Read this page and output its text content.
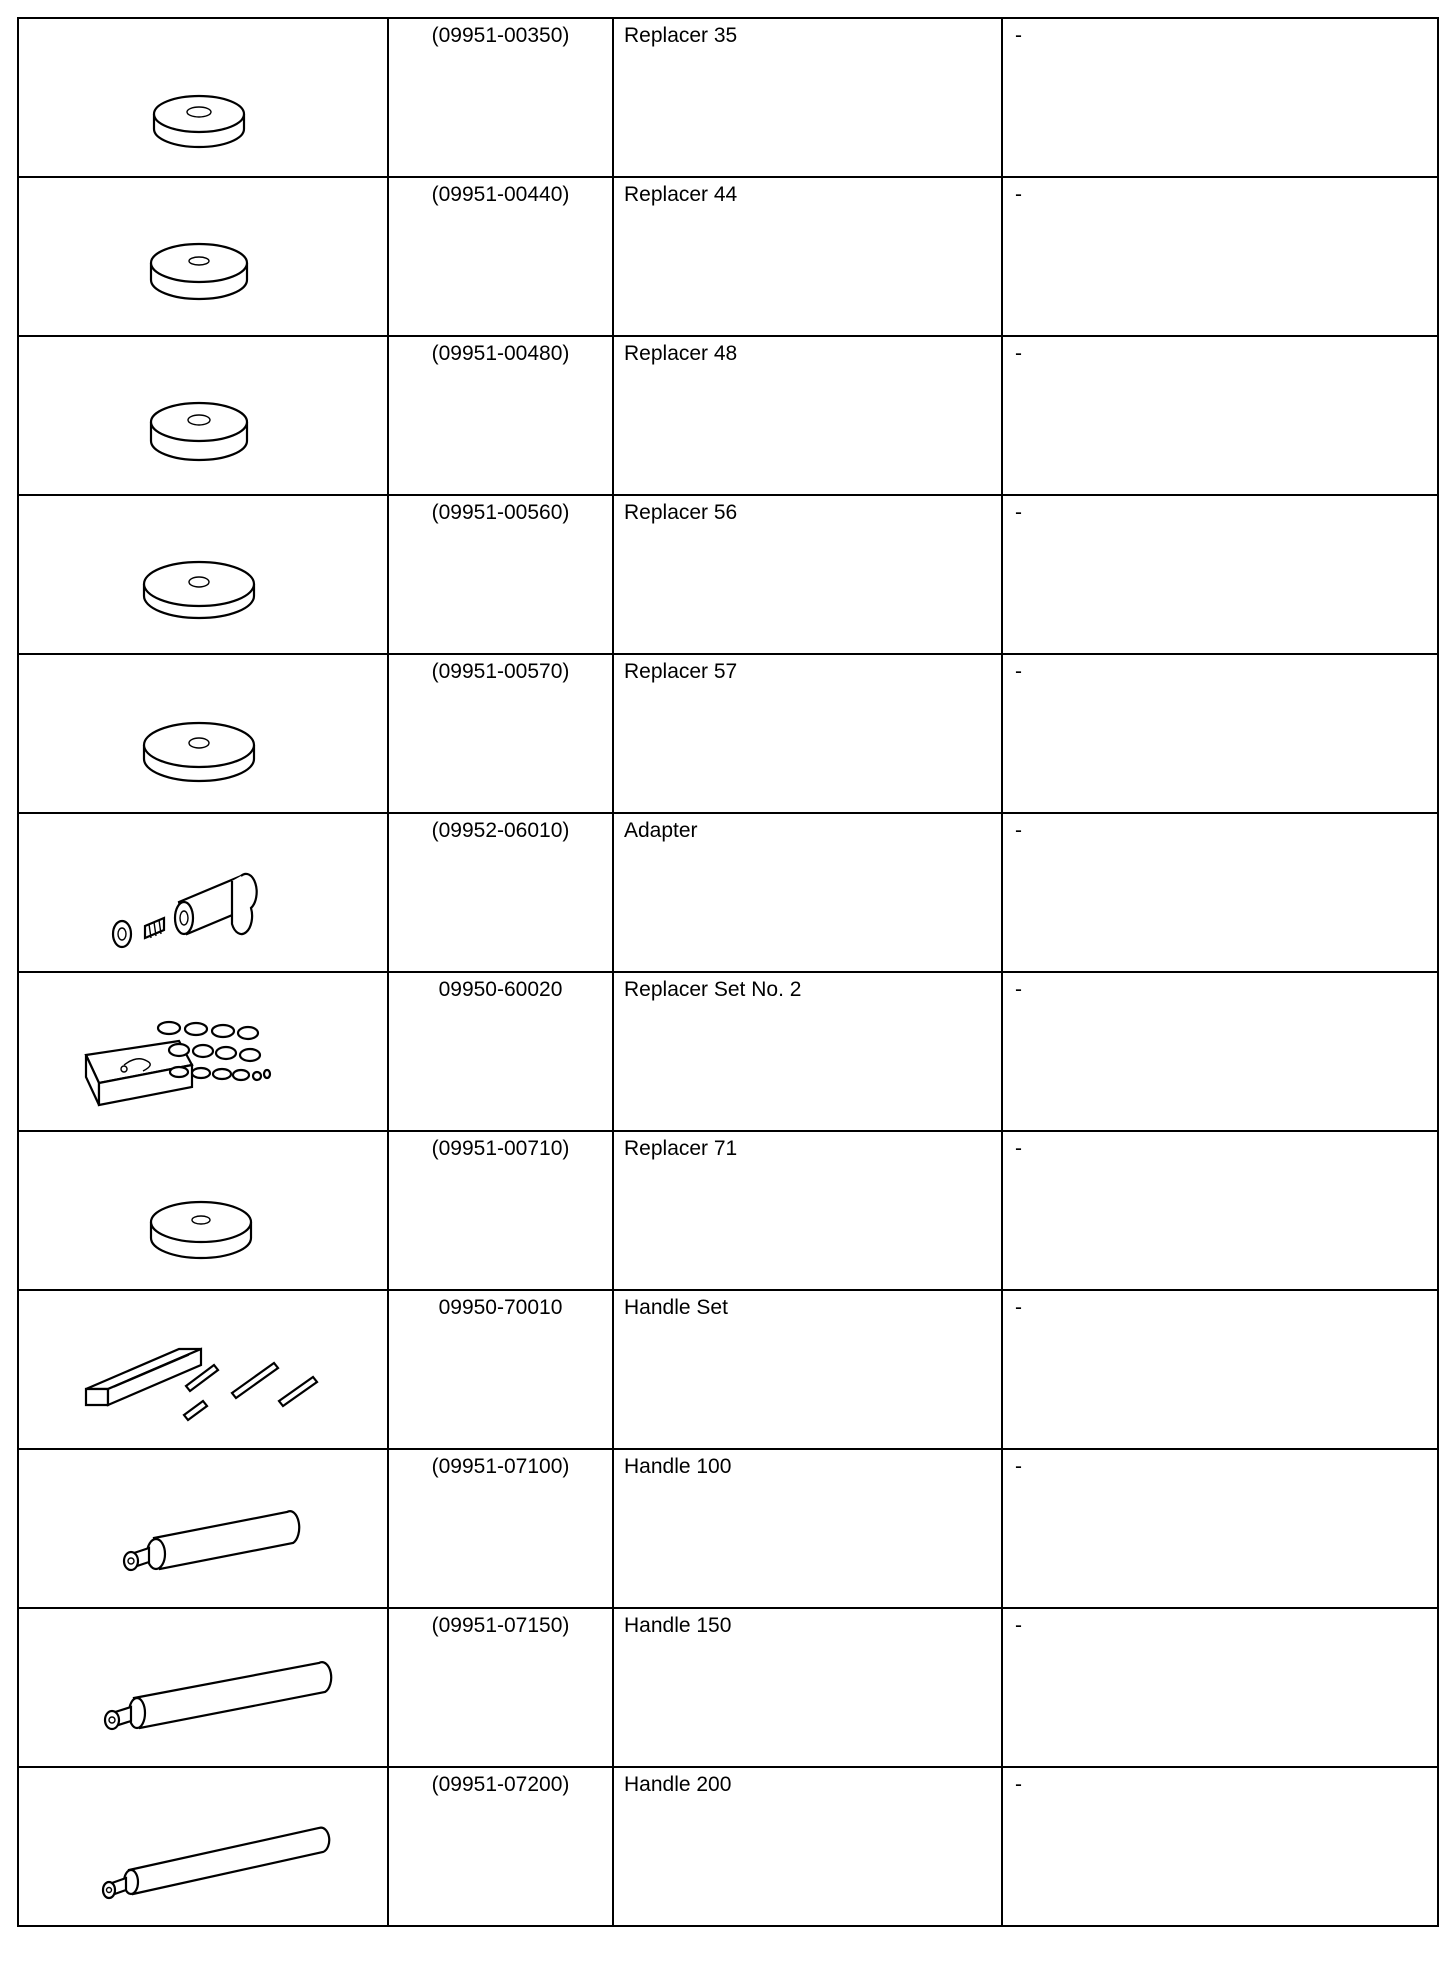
(09951-00350)	Replacer 35	-

(09951-00440)	Replacer 44	-

(09951-00480)	Replacer 48	-

(09951-00560)	Replacer 56	-

(09951-00570)	Replacer 57	-

(09952-06010)	Adapter	-

09950-60020	Replacer Set No. 2	-

(09951-00710)	Replacer 71	-

09950-70010	Handle Set	-

(09951-07100)	Handle 100	-

(09951-07150)	Handle 150	-

(09951-07200)	Handle 200	-
